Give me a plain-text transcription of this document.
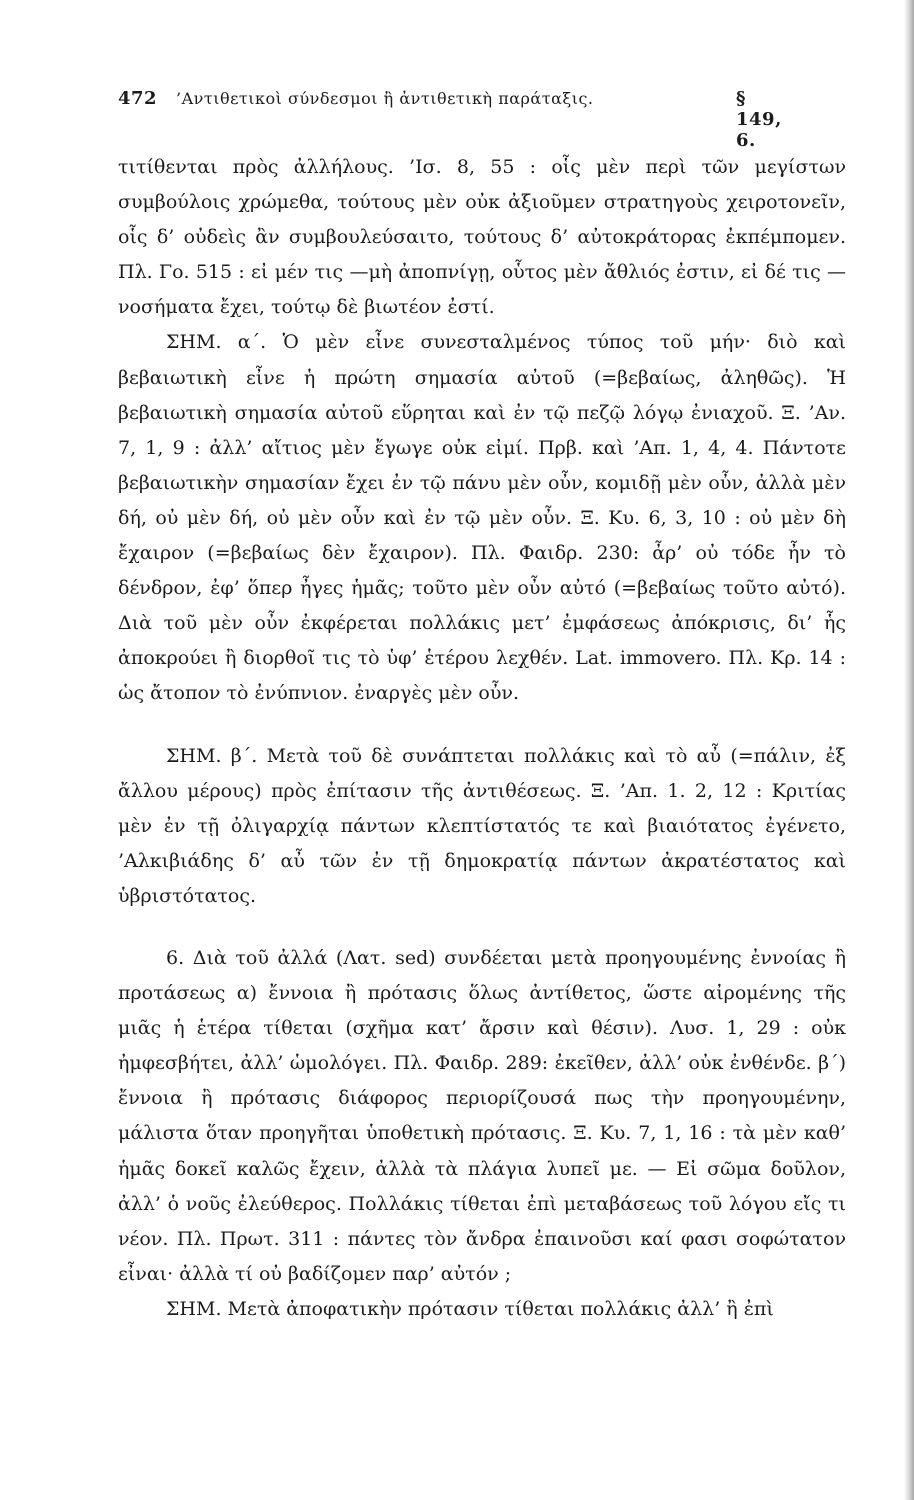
472 ’Αντιθετικοὶ σύνδεσμοι ἢ ἀντιθετικὴ παράταξις.	§ 149, 6.

τιτίθενται πρὸς ἀλλήλους. ’Ισ. 8, 55 : οἷς μὲν περὶ τῶν μεγίστων συμβούλοις χρώμεθα, τούτους μὲν οὐκ ἀξιοῦμεν στρατηγοὺς χειροτονεῖν, οἷς δ’ οὐδεὶς ἂν συμβουλεύσαιτο, τούτους δ’ αὐτοκράτορας ἐκπέμπομεν. Πλ. Γο. 515 : εἰ μέν τις —μὴ ἀποπνίγῃ, οὗτος μὲν ἄθλιός ἐστιν, εἰ δέ τις —νοσήματα ἔχει, τούτῳ δὲ βιωτέον ἐστί.

ΣΗΜ. α΄. Ὁ μὲν εἶνε συνεσταλμένος τύπος τοῦ μήν· διὸ καὶ βεβαιωτικὴ εἶνε ἡ πρώτη σημασία αὐτοῦ (=βεβαίως, ἀληθῶς). Ἡ βεβαιωτικὴ σημασία αὐτοῦ εὕρηται καὶ ἐν τῷ πεζῷ λόγῳ ἐνιαχοῦ. Ξ. ’Αν. 7, 1, 9 : ἀλλ’ αἴτιος μὲν ἔγωγε οὐκ εἰμί. Πρβ. καὶ ’Απ. 1, 4, 4. Πάντοτε βεβαιωτικὴν σημασίαν ἔχει ἐν τῷ πάνυ μὲν οὖν, κομιδῇ μὲν οὖν, ἀλλὰ μὲν δή, οὐ μὲν δή, οὐ μὲν οὖν καὶ ἐν τῷ μὲν οὖν. Ξ. Κυ. 6, 3, 10 : οὐ μὲν δὴ ἔχαιρον (=βεβαίως δὲν ἔχαιρον). Πλ. Φαιδρ. 230: ἆρ’ οὐ τόδε ἦν τὸ δένδρον, ἐφ’ ὅπερ ἦγες ἡμᾶς; τοῦτο μὲν οὖν αὐτό (=βεβαίως τοῦτο αὐτό). Διὰ τοῦ μὲν οὖν ἐκφέρεται πολλάκις μετ’ ἐμφάσεως ἀπόκρισις, δι’ ἧς ἀποκρούει ἢ διορθοῖ τις τὸ ὑφ’ ἑτέρου λεχθέν. Lat. immovero. Πλ. Κρ. 14 : ὡς ἄτοπον τὸ ἐνύπνιον. ἐναργὲς μὲν οὖν.

ΣΗΜ. β΄. Μετὰ τοῦ δὲ συνάπτεται πολλάκις καὶ τὸ αὖ (=πάλιν, ἐξ ἄλλου μέρους) πρὸς ἐπίτασιν τῆς ἀντιθέσεως. Ξ. ’Απ. 1. 2, 12 : Κριτίας μὲν ἐν τῇ ὀλιγαρχίᾳ πάντων κλεπτίστατός τε καὶ βιαιότατος ἐγένετο, ’Αλκιβιάδης δ’ αὖ τῶν ἐν τῇ δημοκρατίᾳ πάντων ἀκρατέστατος καὶ ὑβριστότατος.

6. Διὰ τοῦ ἀλλά (Λατ. sed) συνδέεται μετὰ προηγουμένης ἐννοίας ἢ προτάσεως α) ἔννοια ἢ πρότασις ὅλως ἀντίθετος, ὥστε αἰρομένης τῆς μιᾶς ἡ ἑτέρα τίθεται (σχῆμα κατ’ ἄρσιν καὶ θέσιν). Λυσ. 1, 29 : οὐκ ἠμφεσβήτει, ἀλλ’ ὡμολόγει. Πλ. Φαιδρ. 289: ἐκεῖθεν, ἀλλ’ οὐκ ἐνθένδε. β΄) ἔννοια ἢ πρότασις διάφορος περιορίζουσά πως τὴν προηγουμένην, μάλιστα ὅταν προηγῆται ὑποθετικὴ πρότασις. Ξ. Κυ. 7, 1, 16 : τὰ μὲν καθ’ ἡμᾶς δοκεῖ καλῶς ἔχειν, ἀλλὰ τὰ πλάγια λυπεῖ με. — Εἰ σῶμα δοῦλον, ἀλλ’ ὁ νοῦς ἐλεύθερος. Πολλάκις τίθεται ἐπὶ μεταβάσεως τοῦ λόγου εἴς τι νέον. Πλ. Πρωτ. 311 : πάντες τὸν ἄνδρα ἐπαινοῦσι καί φασι σοφώτατον εἶναι· ἀλλὰ τί οὐ βαδίζομεν παρ’ αὐτόν ;

ΣΗΜ. Μετὰ ἀποφατικὴν πρότασιν τίθεται πολλάκις ἀλλ’ ἢ ἐπὶ
